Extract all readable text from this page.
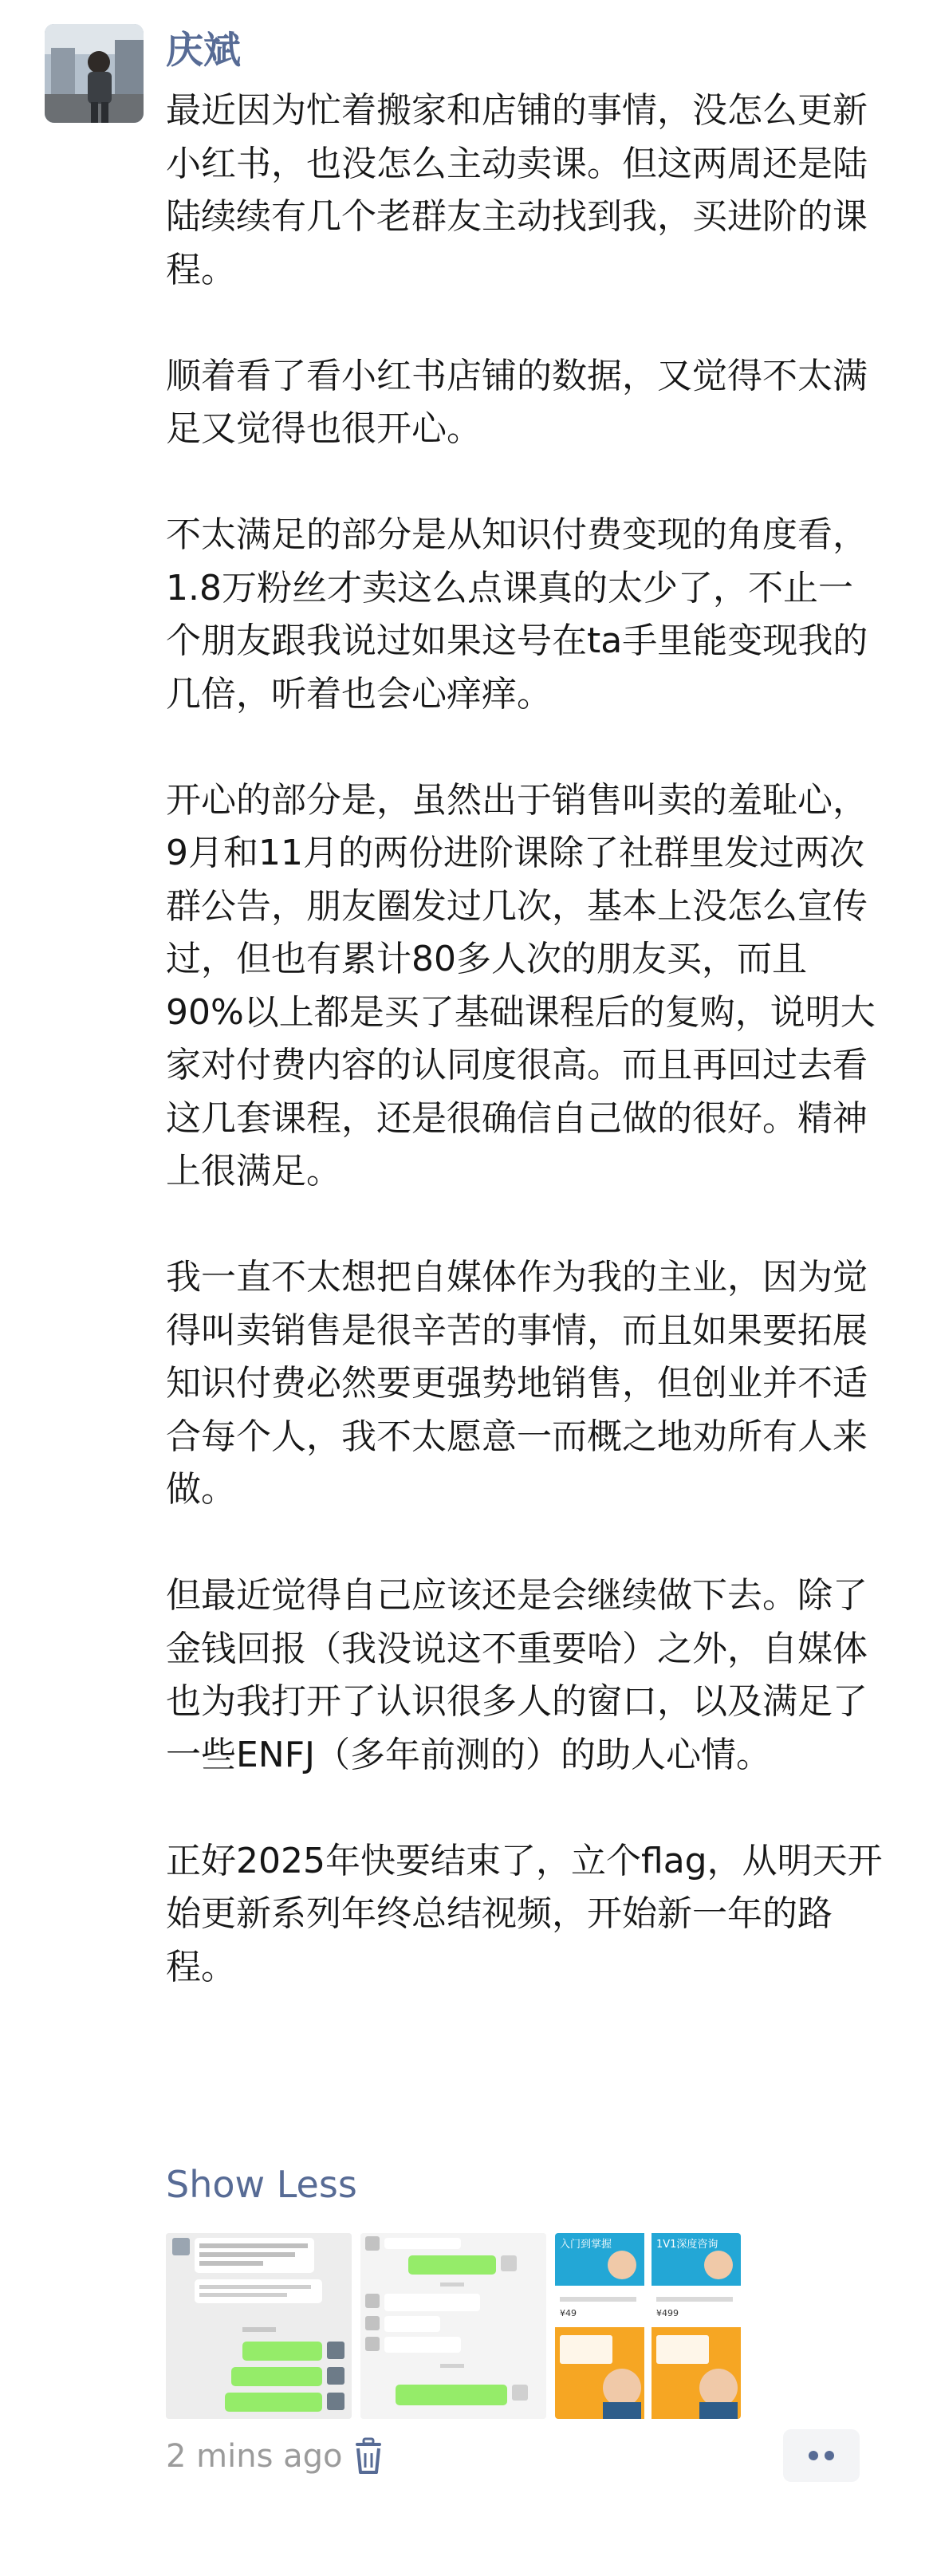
庆斌

最近因为忙着搬家和店铺的事情，没怎么更新小红书，也没怎么主动卖课。但这两周还是陆陆续续有几个老群友主动找到我，买进阶的课程。

顺着看了看小红书店铺的数据，又觉得不太满足又觉得也很开心。

不太满足的部分是从知识付费变现的角度看，1.8万粉丝才卖这么点课真的太少了，不止一个朋友跟我说过如果这号在ta手里能变现我的几倍，听着也会心痒痒。

开心的部分是，虽然出于销售叫卖的羞耻心，9月和11月的两份进阶课除了社群里发过两次群公告，朋友圈发过几次，基本上没怎么宣传过，但也有累计80多人次的朋友买，而且90%以上都是买了基础课程后的复购，说明大家对付费内容的认同度很高。而且再回过去看这几套课程，还是很确信自己做的很好。精神上很满足。

我一直不太想把自媒体作为我的主业，因为觉得叫卖销售是很辛苦的事情，而且如果要拓展知识付费必然要更强势地销售，但创业并不适合每个人，我不太愿意一而概之地劝所有人来做。

但最近觉得自己应该还是会继续做下去。除了金钱回报（我没说这不重要哈）之外，自媒体也为我打开了认识很多人的窗口，以及满足了一些ENFJ（多年前测的）的助人心情。

正好2025年快要结束了，立个flag，从明天开始更新系列年终总结视频，开始新一年的路程。

Show Less
入门到掌握	1V1深度咨询
¥49	¥499
2 mins ago
